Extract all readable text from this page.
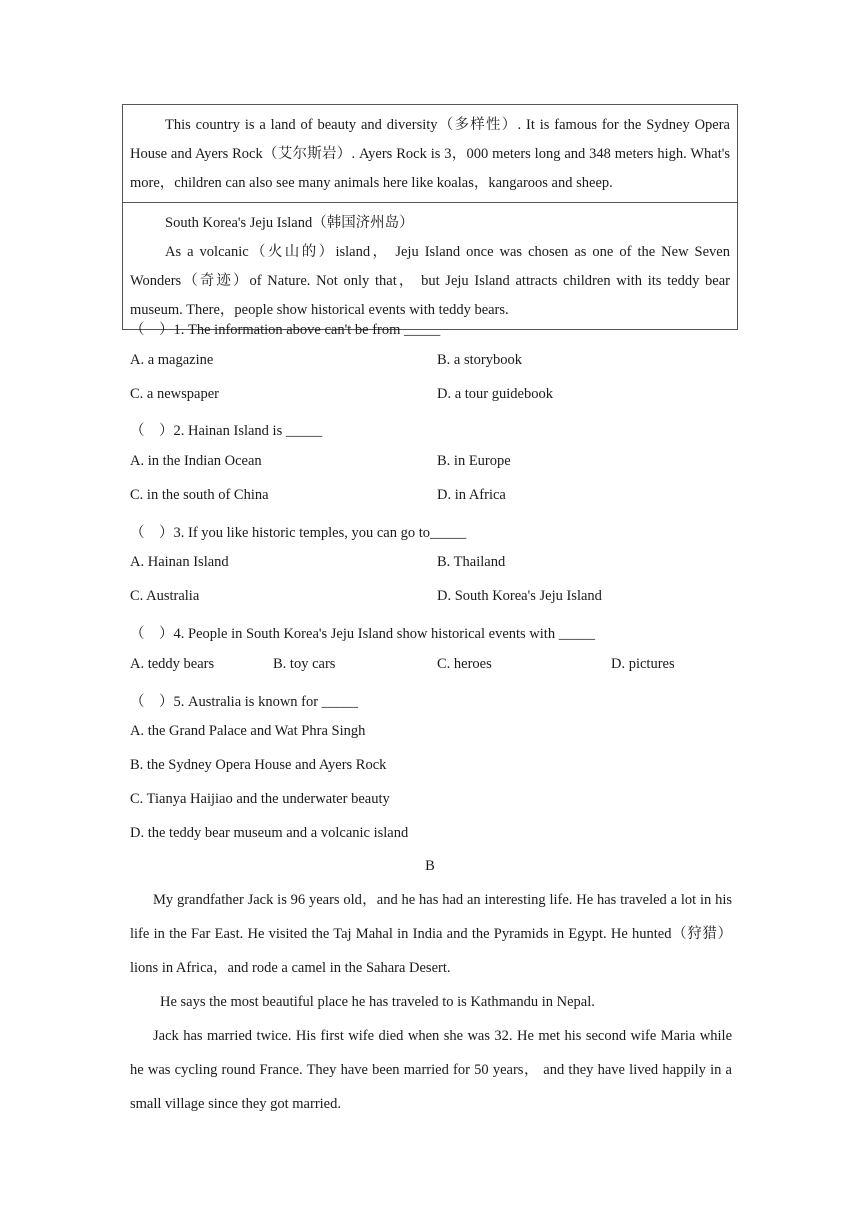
This country is a land of beauty and diversity（多样性）. It is famous for the Sydney Opera House and Ayers Rock（艾尔斯岩）. Ayers Rock is 3，000 meters long and 348 meters high. What's more，children can also see many animals here like koalas，kangaroos and sheep.

South Korea's Jeju Island（韩国济州岛）

As a volcanic（火山的）island， Jeju Island once was chosen as one of the New Seven Wonders（奇迹）of Nature. Not only that， but Jeju Island attracts children with its teddy bear museum. There，people show historical events with teddy bears.

（　）1. The information above can't be from _____
A. a magazine	B. a storybook
C. a newspaper	D. a tour guidebook
（　）2. Hainan Island is _____
A. in the Indian Ocean	B. in Europe
C. in the south of China	D. in Africa
（　）3. If you like historic temples, you can go to_____
A. Hainan Island	B. Thailand
C. Australia	D. South Korea's Jeju Island
（　）4. People in South Korea's Jeju Island show historical events with _____
A. teddy bears	B. toy cars	C. heroes	D. pictures
（　）5. Australia is known for _____
A. the Grand Palace and Wat Phra Singh
B. the Sydney Opera House and Ayers Rock
C. Tianya Haijiao and the underwater beauty
D. the teddy bear museum and a volcanic island
B

My grandfather Jack is 96 years old，and he has had an interesting life. He has traveled a lot in his life in the Far East. He visited the Taj Mahal in India and the Pyramids in Egypt. He hunted（狩猎）lions in Africa，and rode a camel in the Sahara Desert.

He says the most beautiful place he has traveled to is Kathmandu in Nepal.

Jack has married twice. His first wife died when she was 32. He met his second wife Maria while he was cycling round France. They have been married for 50 years， and they have lived happily in a small village since they got married.
